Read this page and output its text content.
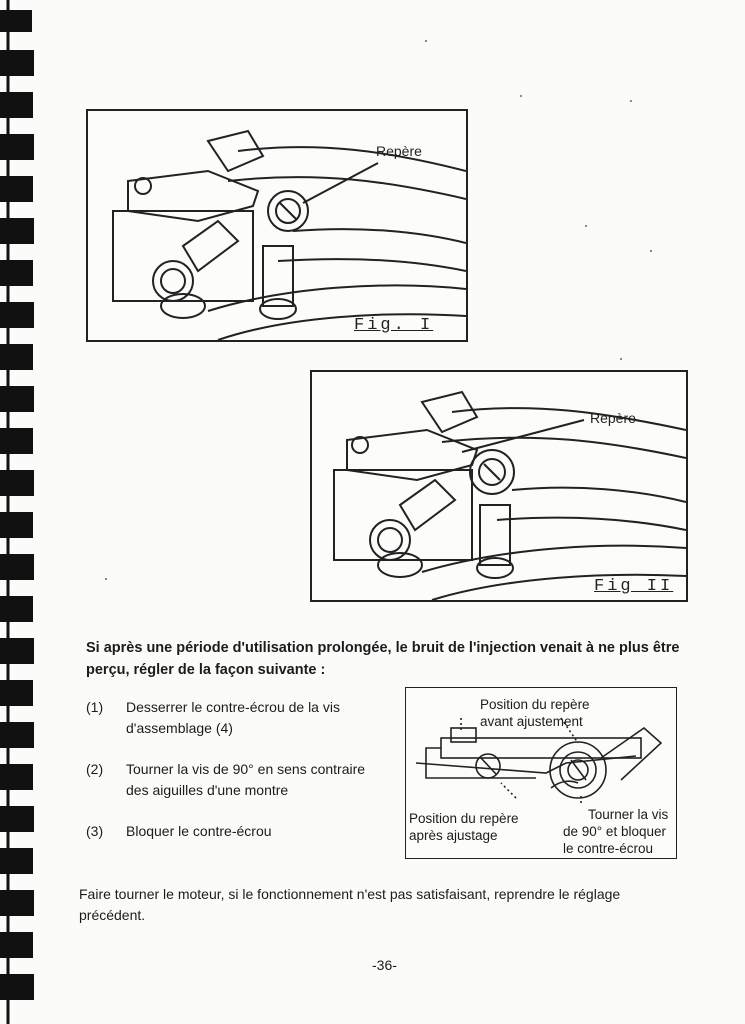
Repère
Fig. I
Repère
Fig II
Si après une période d'utilisation prolongée, le bruit de l'injection venait à ne plus être perçu, régler de la façon suivante :
(1)	Desserrer le contre-écrou de la vis d'assemblage (4)
(2)	Tourner la vis de 90° en sens contraire des aiguilles d'une montre
(3)	Bloquer le contre-écrou
Position du repère
avant ajustement
Position du repère
après ajustage
Tourner la vis
de 90° et bloquer
le contre-écrou
Faire tourner le moteur, si le fonctionnement n'est pas satisfaisant, reprendre le réglage précédent.
-36-
